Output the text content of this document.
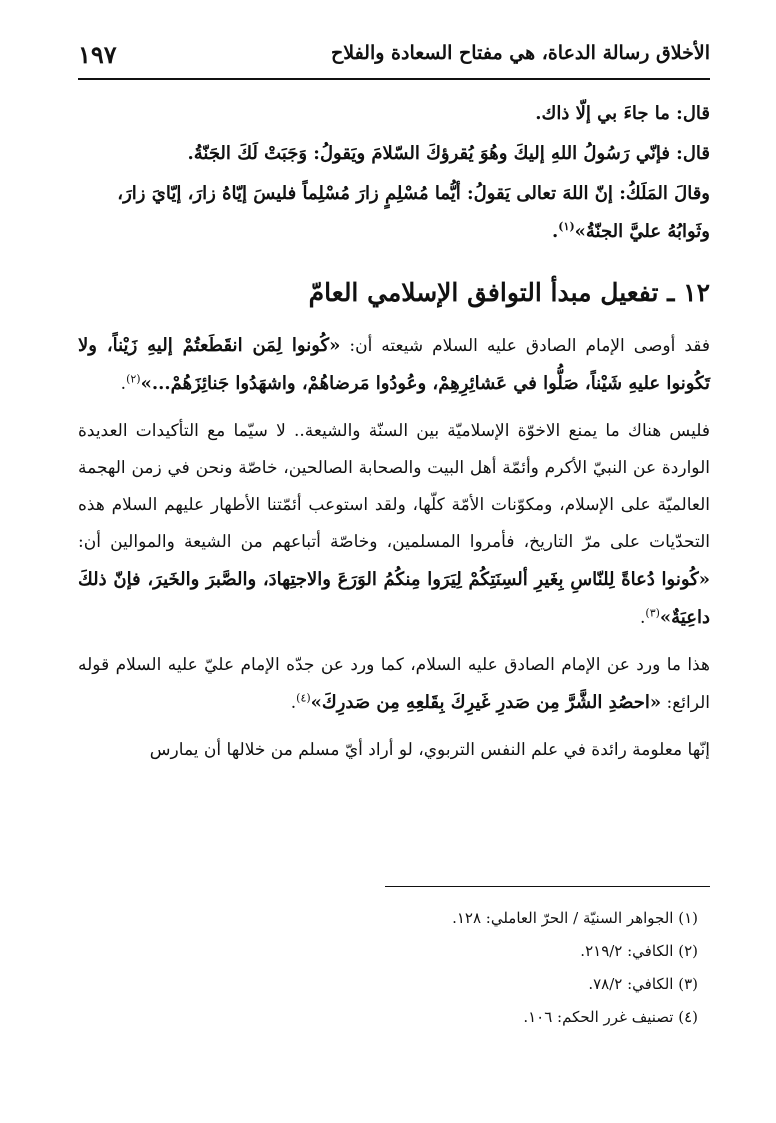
١٩٧	الأخلاق رسالة الدعاة، هي مفتاح السعادة والفلاح

قال: ما جاءَ بي إلّا ذاك.

قال: فإنّي رَسُولُ اللهِ إليكَ وهُوَ يُقرؤكَ السّلامَ ويَقولُ: وَجَبَتْ لَكَ الجَنّةُ.

وقالَ المَلَكُ: إنّ اللهَ تعالى يَقولُ: أيُّما مُسْلِمٍ زارَ مُسْلِماً فليسَ إيّاهُ زارَ، إيّايَ زارَ، وثَوابُهُ عليَّ الجنّةُ»$^{(١)}$.

١٢ ـ تفعيل مبدأ التوافق الإسلامي العامّ

فقد أوصى الإمام الصادق عليه السلام شيعته أن: «كُونوا لِمَن انقَطَعتُمْ إليهِ زَيْناً، ولا تَكُونوا عليهِ شَيْناً، صَلُّوا في عَشائِرِهِمْ، وعُودُوا مَرضاهُمْ، واشهَدُوا جَنائِزَهُمْ...»$^{(٢)}$.

فليس هناك ما يمنع الاخوّة الإسلاميّة بين السنّة والشيعة.. لا سيّما مع التأكيدات العديدة الواردة عن النبيّ الأكرم وأئمّة أهل البيت والصحابة الصالحين، خاصّة ونحن في زمن الهجمة العالميّة على الإسلام، ومكوّنات الأمّة كلّها، ولقد استوعب أئمّتنا الأطهار عليهم السلام هذه التحدّيات على مرّ التاريخ، فأمروا المسلمين، وخاصّة أتباعهم من الشيعة والموالين أن: «كُونوا دُعاةً لِلنّاسِ بِغَيرِ ألسِنَتِكُمْ لِيَرَوا مِنكُمُ الوَرَعَ والاجتِهادَ، والصَّبرَ والخَيرَ، فإنّ ذلكَ داعِيَةٌ»$^{(٣)}$.

هذا ما ورد عن الإمام الصادق عليه السلام، كما ورد عن جدّه الإمام عليّ عليه السلام قوله الرائع: «احصُدِ الشَّرَّ مِن صَدرِ غَيرِكَ بِقَلعِهِ مِن صَدرِكَ»$^{(٤)}$.

إنّها معلومة رائدة في علم النفس التربوي، لو أراد أيّ مسلم من خلالها أن يمارس

(١) الجواهر السنيّة / الحرّ العاملي: ١٢٨.

(٢) الكافي: ٢١٩/٢.

(٣) الكافي: ٧٨/٢.

(٤) تصنيف غرر الحكم: ١٠٦.
